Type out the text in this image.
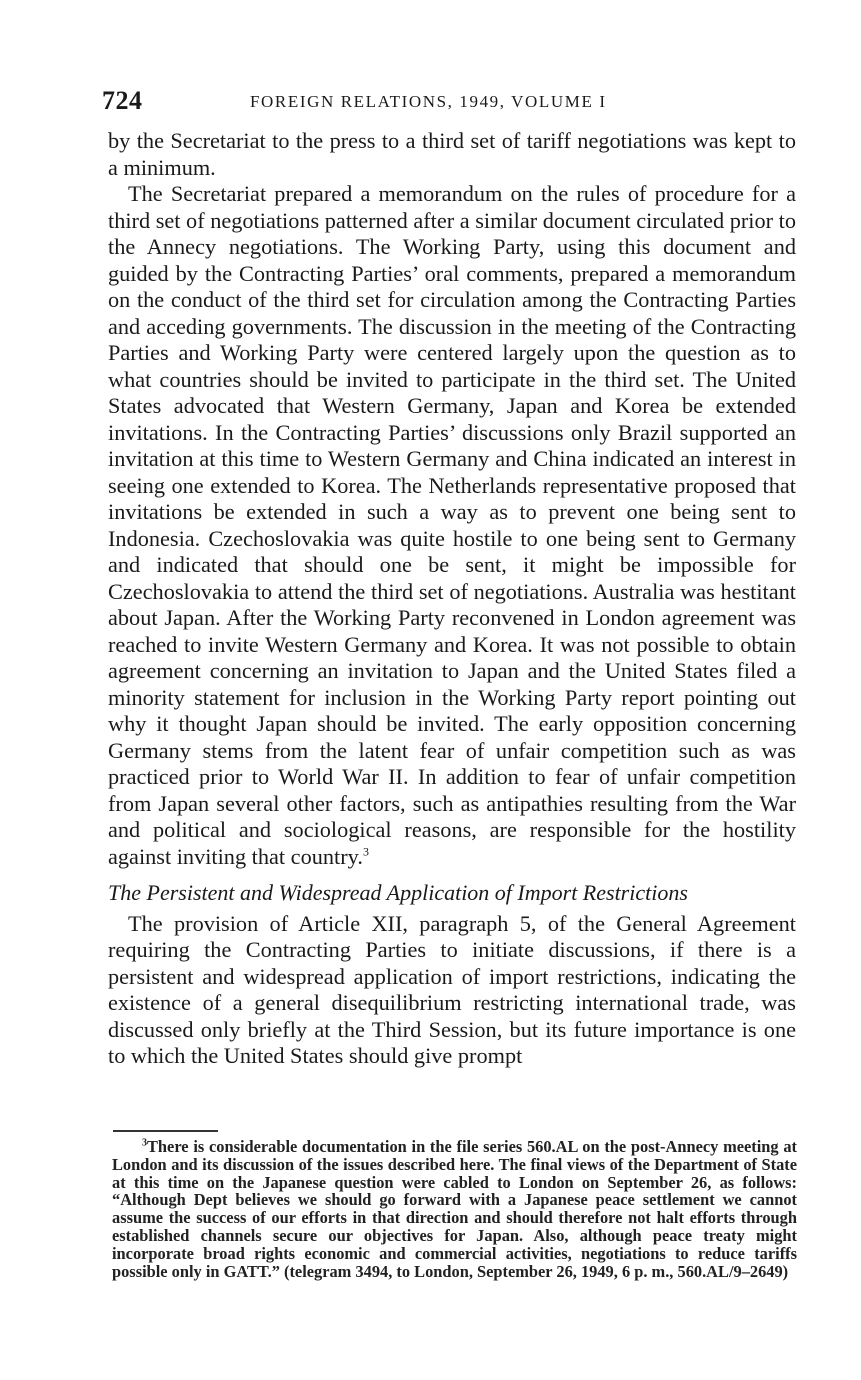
724	FOREIGN RELATIONS, 1949, VOLUME I

by the Secretariat to the press to a third set of tariff negotiations was kept to a minimum.

The Secretariat prepared a memorandum on the rules of procedure for a third set of negotiations patterned after a similar document circulated prior to the Annecy negotiations. The Working Party, using this document and guided by the Contracting Parties’ oral comments, prepared a memorandum on the conduct of the third set for circulation among the Contracting Parties and acceding governments. The discussion in the meeting of the Contracting Parties and Working Party were centered largely upon the question as to what countries should be invited to participate in the third set. The United States advocated that Western Germany, Japan and Korea be extended invitations. In the Contracting Parties’ discussions only Brazil supported an invitation at this time to Western Germany and China indicated an interest in seeing one extended to Korea. The Netherlands representative proposed that invitations be extended in such a way as to prevent one being sent to Indonesia. Czechoslovakia was quite hostile to one being sent to Germany and indicated that should one be sent, it might be impossible for Czechoslovakia to attend the third set of negotiations. Australia was hestitant about Japan. After the Working Party reconvened in London agreement was reached to invite Western Germany and Korea. It was not possible to obtain agreement concerning an invitation to Japan and the United States filed a minority statement for inclusion in the Working Party report pointing out why it thought Japan should be invited. The early opposition concerning Germany stems from the latent fear of unfair competition such as was practiced prior to World War II. In addition to fear of unfair competition from Japan several other factors, such as antipathies resulting from the War and political and sociological reasons, are responsible for the hostility against inviting that country.$^3$

The Persistent and Widespread Application of Import Restrictions

The provision of Article XII, paragraph 5, of the General Agreement requiring the Contracting Parties to initiate discussions, if there is a persistent and widespread application of import restrictions, indicating the existence of a general disequilibrium restricting international trade, was discussed only briefly at the Third Session, but its future importance is one to which the United States should give prompt

$^3$There is considerable documentation in the file series 560.AL on the post-Annecy meeting at London and its discussion of the issues described here. The final views of the Department of State at this time on the Japanese question were cabled to London on September 26, as follows: “Although Dept believes we should go forward with a Japanese peace settlement we cannot assume the success of our efforts in that direction and should therefore not halt efforts through established channels secure our objectives for Japan. Also, although peace treaty might incorporate broad rights economic and commercial activities, negotiations to reduce tariffs possible only in GATT.” (telegram 3494, to London, September 26, 1949, 6 p. m., 560.AL/9–2649)
